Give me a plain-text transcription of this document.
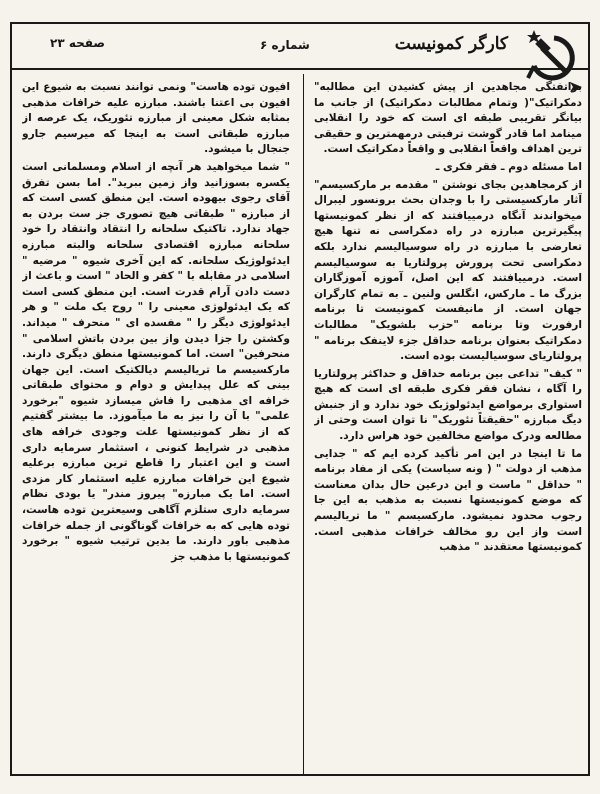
کارگر کمونیست
شماره ۶
صفحه ۲۳

براتفتگی مجاهدین از پیش کشیدن این مطالبه" دمکراتیک"( وتمام مطالبات دمکراتیک) از جانب ما بیانگر تقریبی طبقه ای است که خود را انقلابی مینامد اما قادر گوشت ترفیتی درمهمترین و حقیقی ترین اهداف واقعاً انقلابی و واقعاً دمکراتیک است.

اما مسئله دوم ـ فقر فکری ـ

از کرمجاهدین بجای نوشتن " مقدمه بر مارکسیسم" آثار مارکسیستی را با وجدان بحث برونسور لیبرال میخواندند آنگاه درمییافتند که از نظر کمونیستها پیگیرترین مبارزه در راه دمکراسی نه تنها هیچ تعارضی با مبارزه در راه سوسیالیسم ندارد بلکه دمکراسی تحت پرورش پرولتاریا به سوسیالیسم است. درمییافتند که این اصل، آموزه آموزگاران بزرگ ما ـ مارکس، انگلس ولنین ـ به تمام کارگران جهان است. از مانیفست کمونیست تا برنامه ارفورت وتا برنامه "حزب بلشویک" مطالبات دمکراتیک بعنوان برنامه حداقل جزء لاینفک برنامه " پرولتاریای سوسیالیست بوده است.

" کیف" تداعی بین برنامه حداقل و حداکثر پرولتاریا را آگاه ، نشان فقر فکری طبقه ای است که هیچ استواری برمواضع ایدئولوژیک خود ندارد و از جنبش دیگ مبارزه "حقیقتاً تئوریک" نا توان است وحتی از مطالعه ودرک مواضع مخالفین خود هراس دارد.

ما تا اینجا در این امر تأکید کرده ایم که " جدایی مذهب از دولت " ( ونه سیاست) یکی از مفاد برنامه " حداقل " ماست و این درعین حال بدان معناست که موضع کمونیستها نسبت به مذهب به این جا رجوب محدود نمیشود. مارکسیسم " ما تریالیسم است واز این رو مخالف خرافات مذهبی است. کمونیستها معتقدند " مذهب

افیون توده هاست" ونمی توانند نسبت به شیوع این افیون بی اعتنا باشند. مبارزه علیه خرافات مذهبی بمثابه شکل معینی از مبارزه تئوریک، یک عرصه از مبارزه طبقاتی است به اینجا که میرسیم جارو جنجال با میشود.

" شما میخواهید هر آنچه از اسلام ومسلمانی است یکسره بسوزانید واز زمین ببرید". اما بسن تفرق آقای رجوی بیهوده است. این منطق کسی است که از مبارزه " طبقاتی هیچ تصوری جز ست بردن به جهاد ندارد. تاکتیک سلحانه را انتقاد وانتقاد را خود سلحانه مبارزه اقتصادی سلحانه والبته مبارزه ایدئولوژیک سلحانه. که این آخری شیوه " مرضیه " اسلامی در مقابله با " کفر و الحاد " است و باعث از دست دادن آرام قدرت است. این منطق کسی است که یک ایدئولوژی معینی را " روح یک ملت " و هر ایدئولوژی دیگر را " مفسده ای " منحرف " میداند. وکشتن را جزا دیدن واز بین بردن باتش اسلامی " منحرفین" است. اما کمونیستها منطق دیگری دارند. مارکسیسم ما تریالیسم دیالکتیک است. این جهان بینی که علل پیدایش و دوام و محتوای طبقاتی خرافه ای مذهبی را فاش میسازد شیوه "برخورد علمی" با آن را نیز به ما میآموزد. ما بیشتر گفتیم که از نظر کمونیستها علت وجودی خرافه های مذهبی در شرایط کنونی ، استثمار سرمایه داری است و این اعتبار را قاطع ترین مبارزه برعلیه شیوع این خرافات مبارزه علیه استثمار کار مزدی است. اما یک مبارزه" پیروز مندر" یا بودی نظام سرمایه داری ستلزم آگاهی وسیعترین توده هاست، توده هایی که به خرافات گوناگونی از جمله خرافات مذهبی باور دارند. ما بدین ترتیب شیوه " برخورد کمونیستها با مذهب جز
